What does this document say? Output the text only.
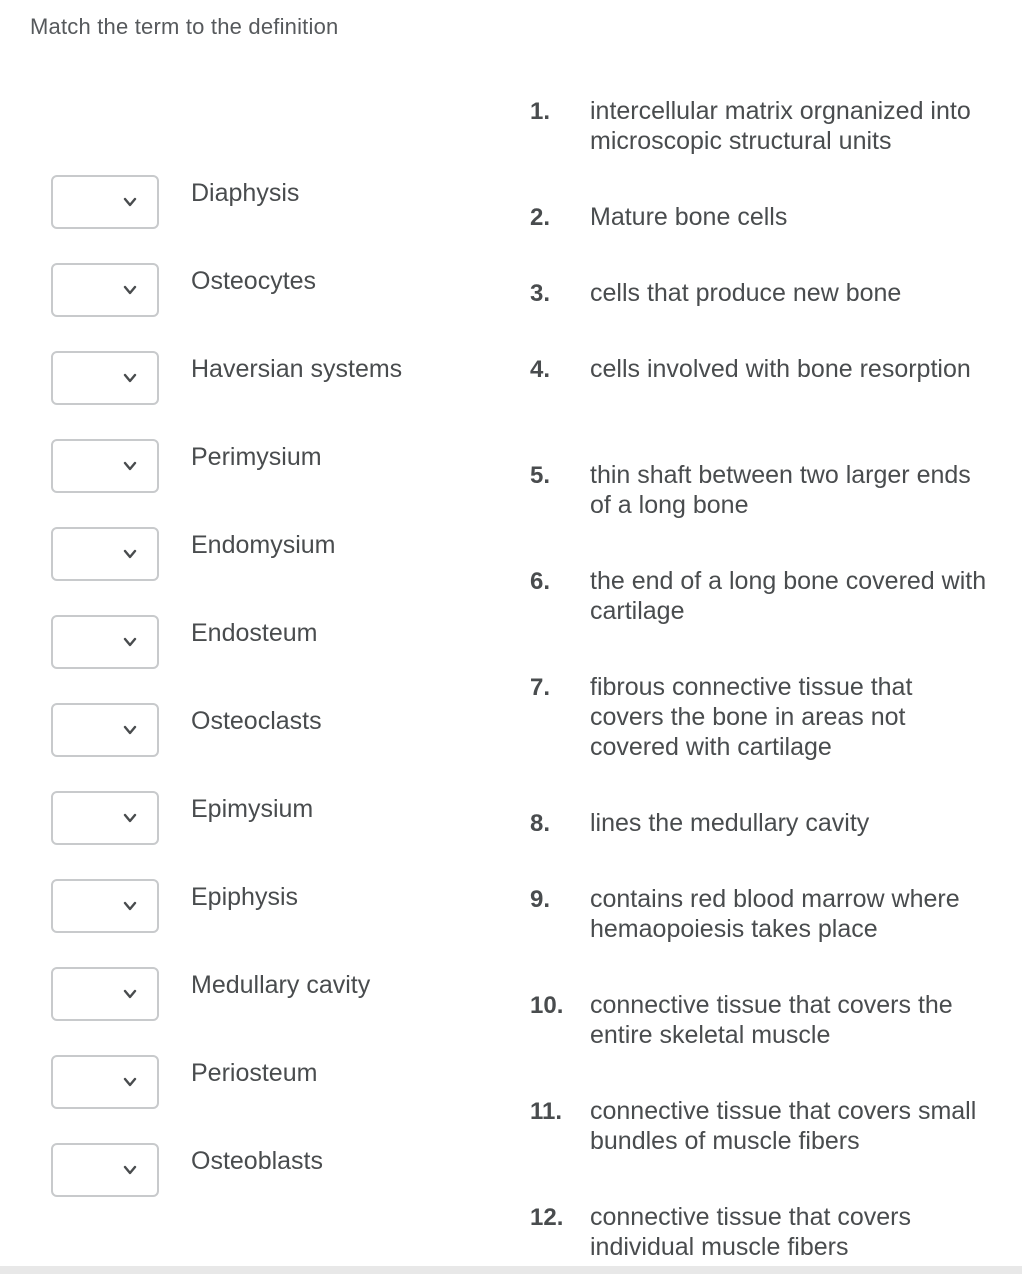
Match the term to the definition
Diaphysis
Osteocytes
Haversian systems
Perimysium
Endomysium
Endosteum
Osteoclasts
Epimysium
Epiphysis
Medullary cavity
Periosteum
Osteoblasts
1. intercellular matrix orgnanized into microscopic structural units
2. Mature bone cells
3. cells that produce new bone
4. cells involved with bone resorption
5. thin shaft between two larger ends of a long bone
6. the end of a long bone covered with cartilage
7. fibrous connective tissue that covers the bone in areas not covered with cartilage
8. lines the medullary cavity
9. contains red blood marrow where hemaopoiesis takes place
10. connective tissue that covers the entire skeletal muscle
11. connective tissue that covers small bundles of muscle fibers
12. connective tissue that covers individual muscle fibers
